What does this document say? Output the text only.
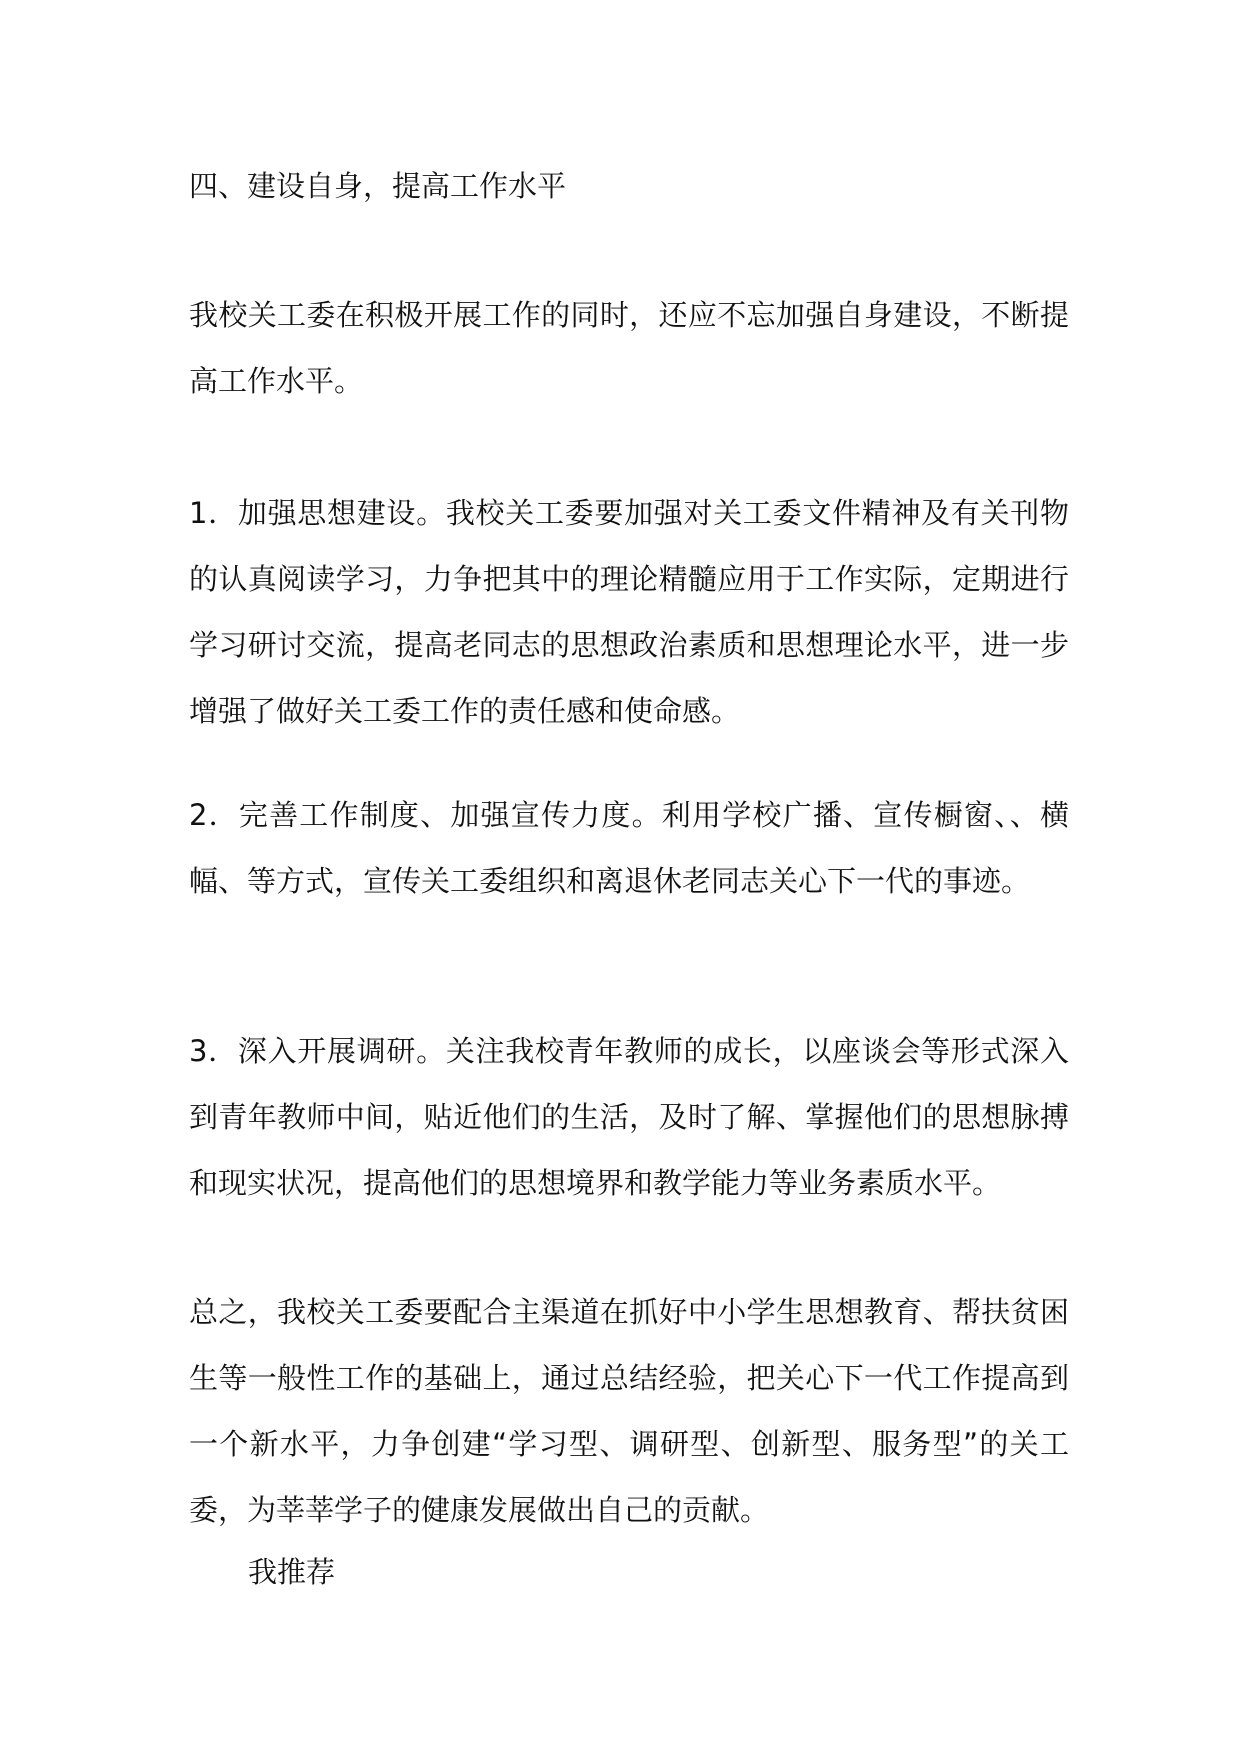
四、建设自身，提高工作水平

我校关工委在积极开展工作的同时，还应不忘加强自身建设，不断提高工作水平。

1．加强思想建设。我校关工委要加强对关工委文件精神及有关刊物的认真阅读学习，力争把其中的理论精髓应用于工作实际，定期进行学习研讨交流，提高老同志的思想政治素质和思想理论水平，进一步增强了做好关工委工作的责任感和使命感。

2．完善工作制度、加强宣传力度。利用学校广播、宣传橱窗、、横幅、等方式，宣传关工委组织和离退休老同志关心下一代的事迹。

3．深入开展调研。关注我校青年教师的成长，以座谈会等形式深入到青年教师中间，贴近他们的生活，及时了解、掌握他们的思想脉搏和现实状况，提高他们的思想境界和教学能力等业务素质水平。

总之，我校关工委要配合主渠道在抓好中小学生思想教育、帮扶贫困生等一般性工作的基础上，通过总结经验，把关心下一代工作提高到一个新水平，力争创建“学习型、调研型、创新型、服务型”的关工委，为莘莘学子的健康发展做出自己的贡献。

我推荐
